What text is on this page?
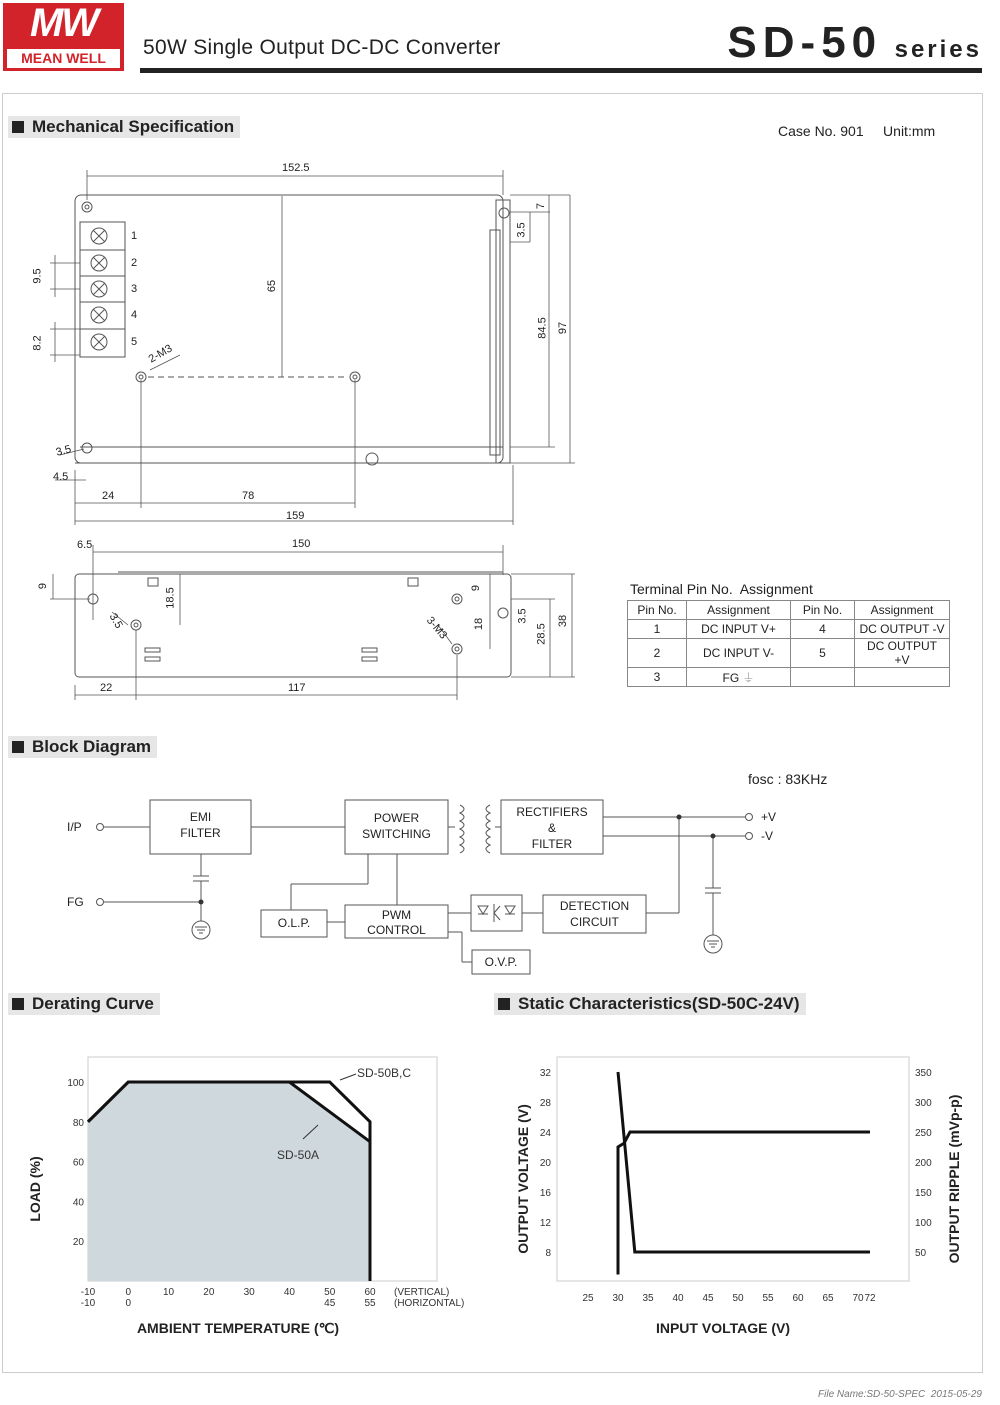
MW
MEAN WELL	50W Single Output DC-DC Converter	SD-50 series
Mechanical Specification	Case No. 901     Unit:mm
152.5
65
7
3.5
84.5 97
9.5
8.2	2-M3
3.5
4.5
24	78
159
1
2
3
4
5
6.5	150
9
18.5
3.5	3-M3
9
18
3.5
28.5
38
22	117
Terminal Pin No.  Assignment
Pin No.	Assignment	Pin No.	Assignment
1	DC INPUT V+	4	DC OUTPUT -V
2	DC INPUT V-	5	DC OUTPUT +V
3	FG ⏚		
Block Diagram
fosc : 83KHz
I/P
FG
EMI
FILTER
POWER
SWITCHING
RECTIFIERS
&
FILTER
PWM
CONTROL
O.L.P.
O.V.P.
DETECTION
CIRCUIT
+V
-V
Derating Curve
20
40
60
80
100
-10	0	10	20	30	40	50	60
-10	0	45	55
(VERTICAL)
(HORIZONTAL)
AMBIENT TEMPERATURE (℃)
LOAD (%)
SD-50B,C
SD-50A
Static Characteristics(SD-50C-24V)
8
12
16
20
24
28
32
50
100
150
200
250
300
350
25 30 35 40 45 50 55 60 65 70 72
INPUT VOLTAGE (V)
OUTPUT VOLTAGE (V)	OUTPUT RIPPLE (mVp-p)
File Name:SD-50-SPEC  2015-05-29
